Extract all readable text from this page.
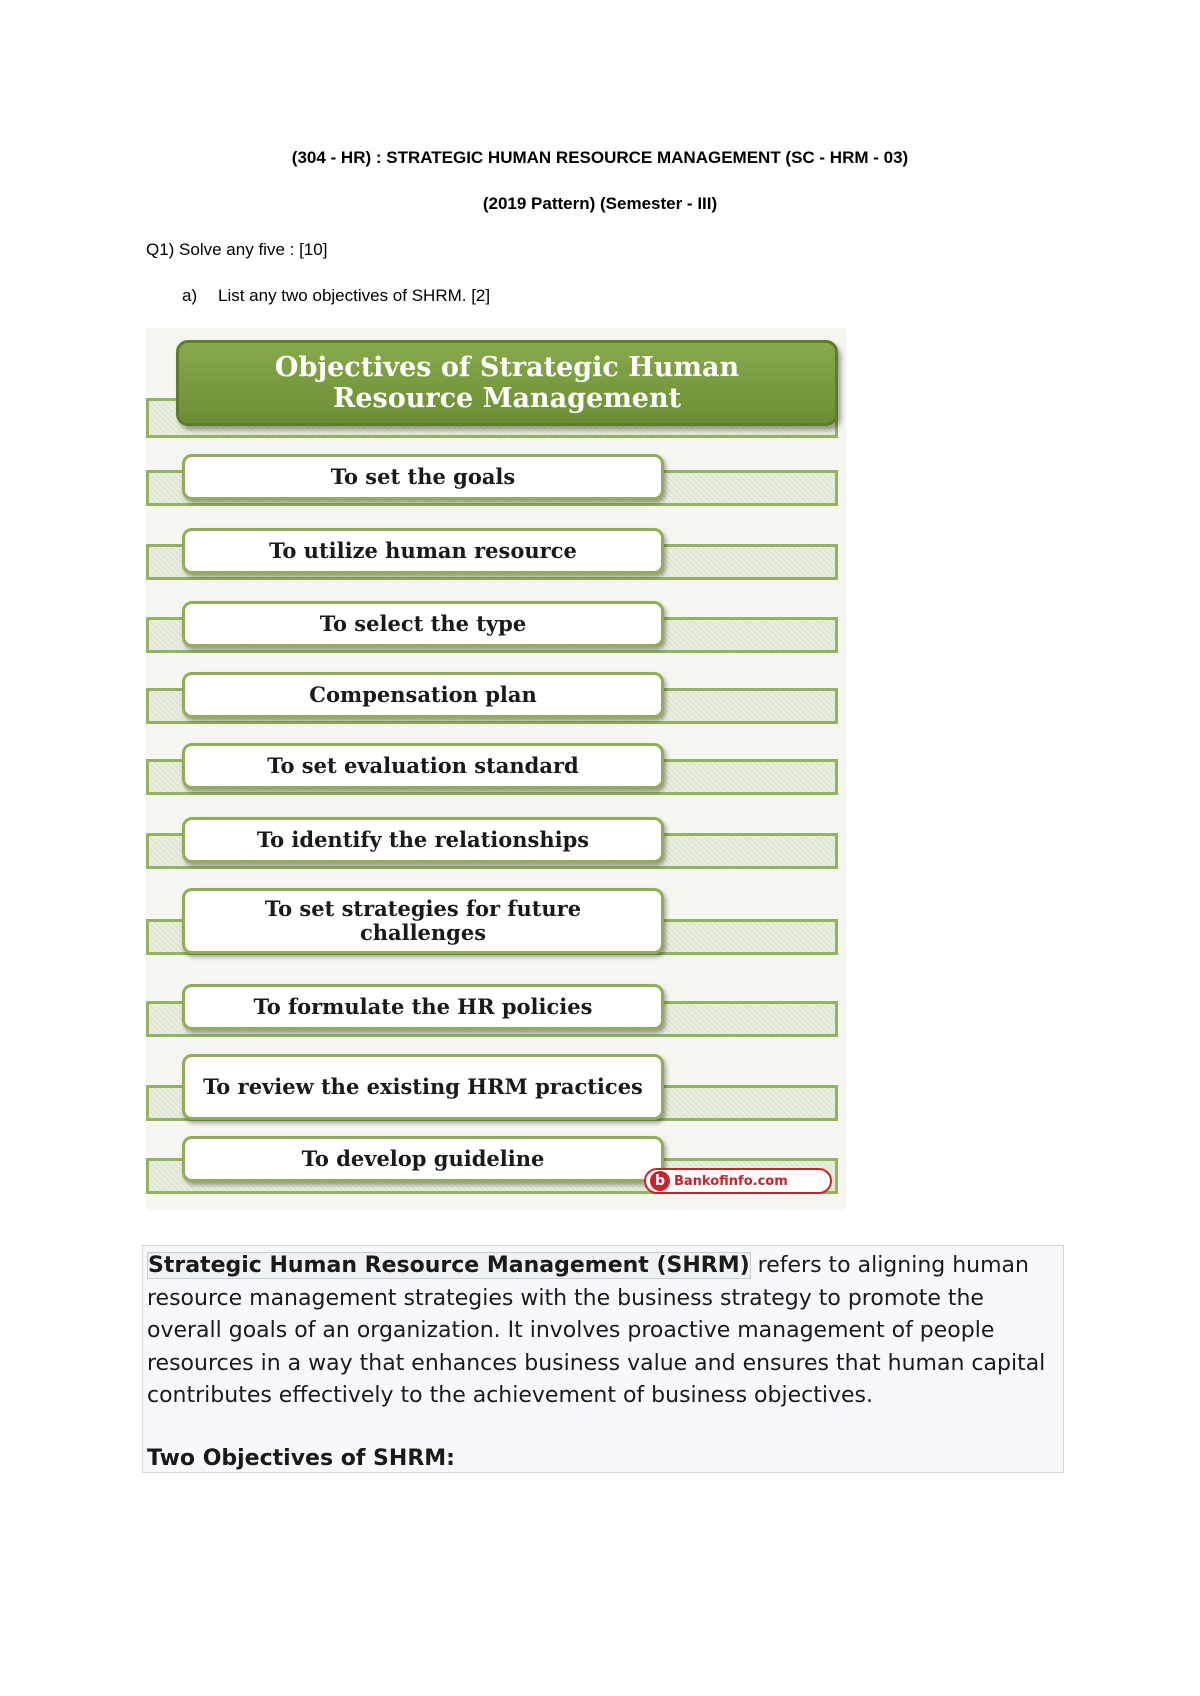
(304 - HR) : STRATEGIC HUMAN RESOURCE MANAGEMENT (SC - HRM - 03)
(2019 Pattern) (Semester - III)
Q1) Solve any five : [10]
a) List any two objectives of SHRM. [2]
Objectives of Strategic Human Resource Management
To set the goals
To utilize human resource
To select the type
Compensation plan
To set evaluation standard
To identify the relationships
To set strategies for future challenges
To formulate the HR policies
To review the existing HRM practices
To develop guideline
b Bankofinfo.com

Strategic Human Resource Management (SHRM) refers to aligning human resource management strategies with the business strategy to promote the overall goals of an organization. It involves proactive management of people resources in a way that enhances business value and ensures that human capital contributes effectively to the achievement of business objectives.

Two Objectives of SHRM:
